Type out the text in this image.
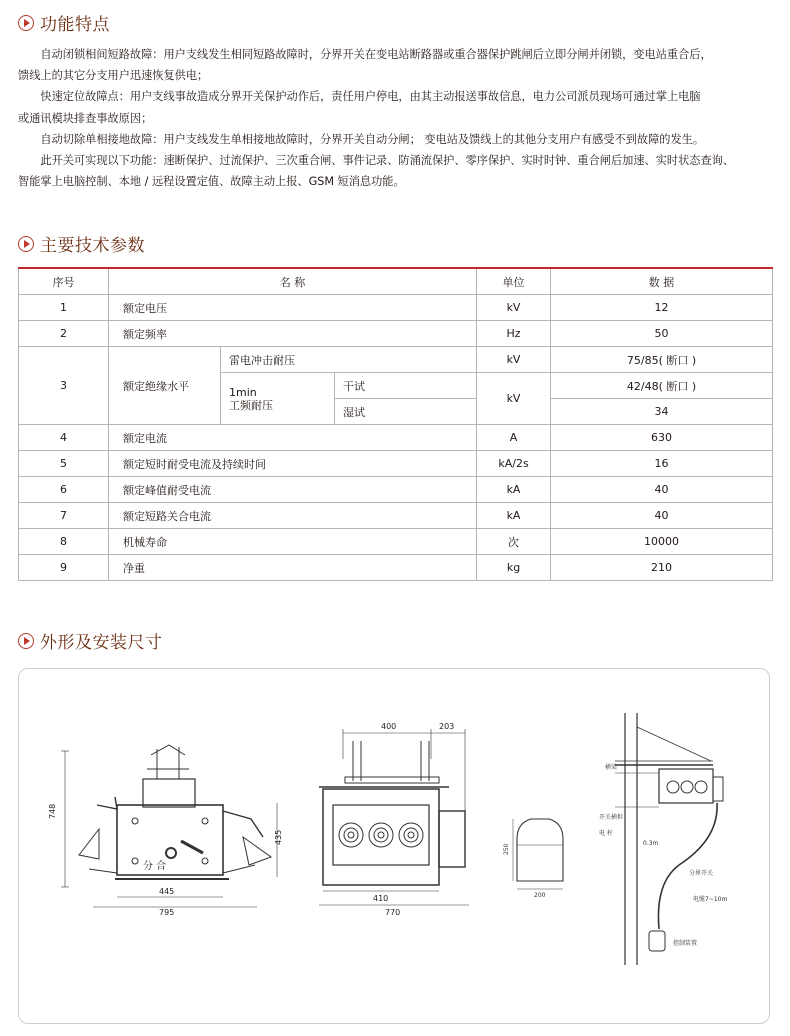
功能特点

自动闭锁相间短路故障：用户支线发生相同短路故障时，分界开关在变电站断路器或重合器保护跳闸后立即分闸并闭锁，变电站重合后，

馈线上的其它分支用户迅速恢复供电；

快速定位故障点：用户支线事故造成分界开关保护动作后，责任用户停电，由其主动报送事故信息，电力公司派员现场可通过掌上电脑

或通讯模块排查事故原因；

自动切除单相接地故障：用户支线发生单相接地故障时，分界开关自动分闸； 变电站及馈线上的其他分支用户有感受不到故障的发生。

此开关可实现以下功能：速断保护、过流保护、三次重合闸、事件记录、防涌流保护、零序保护、实时时钟、重合闸后加速、实时状态查询、

智能掌上电脑控制、本地 / 远程设置定值、故障主动上报、GSM 短消息功能。

主要技术参数
序号	名 称			单位	数 据
1	额定电压			kV	12
2	额定频率			Hz	50
3	额定绝缘水平	雷电冲击耐压		kV	75/85( 断口 )
		1min
工频耐压	干试	kV	42/48( 断口 )
			湿试		34
4	额定电流			A	630
5	额定短时耐受电流及持续时间			kA/2s	16
6	额定峰值耐受电流			kA	40
7	额定短路关合电流			kA	40
8	机械寿命			次	10000
9	净重			kg	210
外形及安装尺寸
748
435
445
795
分 合
400	203
410
770
200
250
横梁
开关横担
电 杆
0.3m
分界开关
电缆7~10m
控制装置
